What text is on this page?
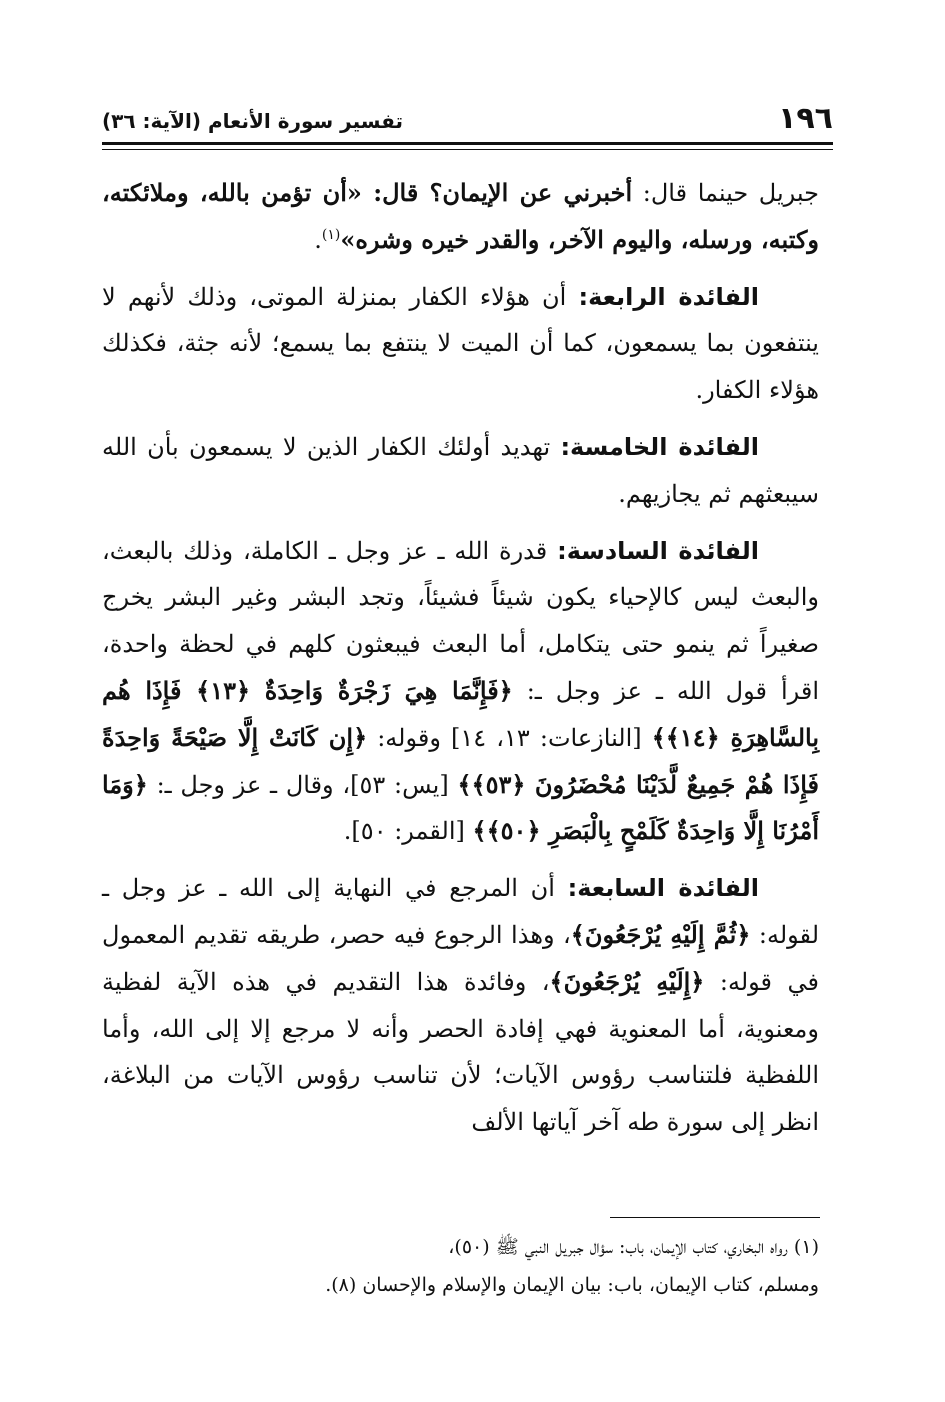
١٩٦
تفسير سورة الأنعام (الآية: ٣٦)

جبريل حينما قال: أخبرني عن الإيمان؟ قال: «أن تؤمن بالله، وملائكته، وكتبه، ورسله، واليوم الآخر، والقدر خيره وشره»$^{(١)}$.

الفائدة الرابعة: أن هؤلاء الكفار بمنزلة الموتى، وذلك لأنهم لا ينتفعون بما يسمعون، كما أن الميت لا ينتفع بما يسمع؛ لأنه جثة، فكذلك هؤلاء الكفار.

الفائدة الخامسة: تهديد أولئك الكفار الذين لا يسمعون بأن الله سيبعثهم ثم يجازيهم.

الفائدة السادسة: قدرة الله ـ عز وجل ـ الكاملة، وذلك بالبعث، والبعث ليس كالإحياء يكون شيئاً فشيئاً، وتجد البشر وغير البشر يخرج صغيراً ثم ينمو حتى يتكامل، أما البعث فيبعثون كلهم في لحظة واحدة، اقرأ قول الله ـ عز وجل ـ: ﴿فَإِنَّمَا هِيَ زَجْرَةٌ وَاحِدَةٌ ﴿١٣﴾ فَإِذَا هُم بِالسَّاهِرَةِ ﴿١٤﴾﴾ [النازعات: ١٣، ١٤] وقوله: ﴿إِن كَانَتْ إِلَّا صَيْحَةً وَاحِدَةً فَإِذَا هُمْ جَمِيعٌ لَّدَيْنَا مُحْضَرُونَ ﴿٥٣﴾﴾ [يس: ٥٣]، وقال ـ عز وجل ـ: ﴿وَمَا أَمْرُنَا إِلَّا وَاحِدَةٌ كَلَمْحٍ بِالْبَصَرِ ﴿٥٠﴾﴾ [القمر: ٥٠].

الفائدة السابعة: أن المرجع في النهاية إلى الله ـ عز وجل ـ لقوله: ﴿ثُمَّ إِلَيْهِ يُرْجَعُونَ﴾، وهذا الرجوع فيه حصر، طريقه تقديم المعمول في قوله: ﴿إِلَيْهِ يُرْجَعُونَ﴾، وفائدة هذا التقديم في هذه الآية لفظية ومعنوية، أما المعنوية فهي إفادة الحصر وأنه لا مرجع إلا إلى الله، وأما اللفظية فلتناسب رؤوس الآيات؛ لأن تناسب رؤوس الآيات من البلاغة، انظر إلى سورة طه آخر آياتها الألف

(١) رواه البخاري، كتاب الإيمان، باب: سؤال جبريل النبي ﷺ (٥٠)،

ومسلم، كتاب الإيمان، باب: بيان الإيمان والإسلام والإحسان (٨).
